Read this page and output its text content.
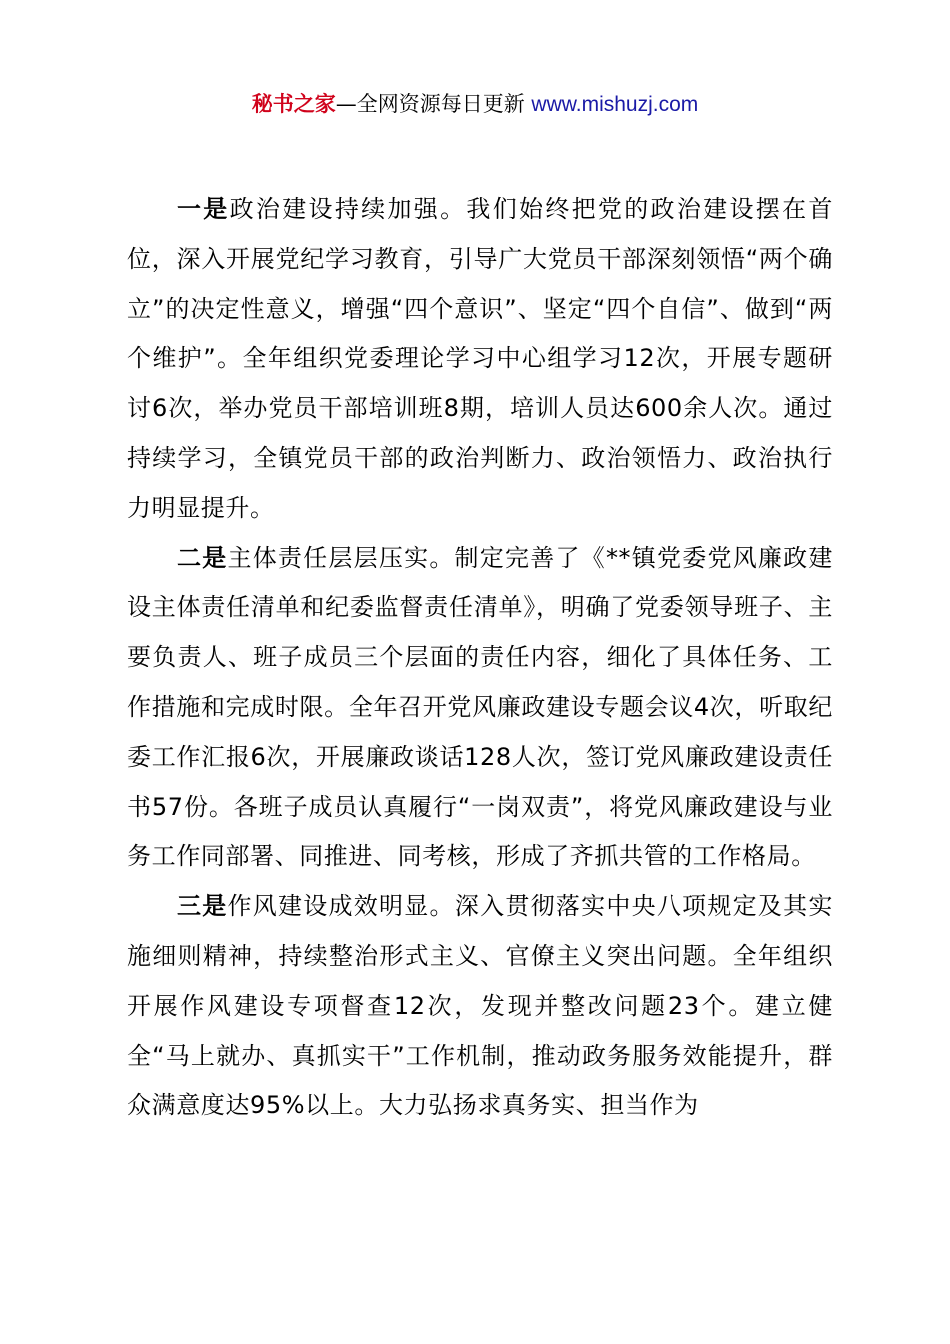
秘书之家—全网资源每日更新 www.mishuzj.com

一是政治建设持续加强。我们始终把党的政治建设摆在首位，深入开展党纪学习教育，引导广大党员干部深刻领悟“两个确立”的决定性意义，增强“四个意识”、坚定“四个自信”、做到“两个维护”。全年组织党委理论学习中心组学习12次，开展专题研讨6次，举办党员干部培训班8期，培训人员达600余人次。通过持续学习，全镇党员干部的政治判断力、政治领悟力、政治执行力明显提升。

二是主体责任层层压实。制定完善了《**镇党委党风廉政建设主体责任清单和纪委监督责任清单》，明确了党委领导班子、主要负责人、班子成员三个层面的责任内容，细化了具体任务、工作措施和完成时限。全年召开党风廉政建设专题会议4次，听取纪委工作汇报6次，开展廉政谈话128人次，签订党风廉政建设责任书57份。各班子成员认真履行“一岗双责”，将党风廉政建设与业务工作同部署、同推进、同考核，形成了齐抓共管的工作格局。

三是作风建设成效明显。深入贯彻落实中央八项规定及其实施细则精神，持续整治形式主义、官僚主义突出问题。全年组织开展作风建设专项督查12次，发现并整改问题23个。建立健全“马上就办、真抓实干”工作机制，推动政务服务效能提升，群众满意度达95%以上。大力弘扬求真务实、担当作为
